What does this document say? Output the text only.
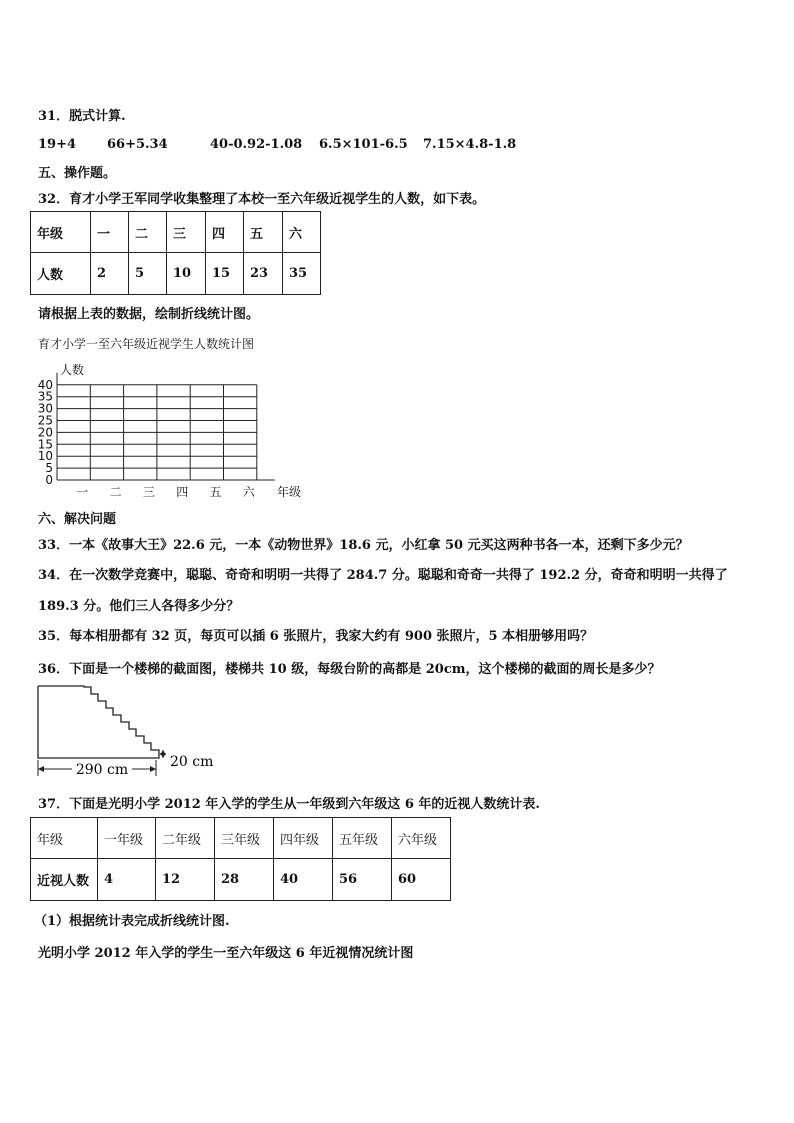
31．脱式计算.
19+4 66+5.34	40-0.92-1.08 6.5×101-6.5 7.15×4.8-1.8
五、操作题。
32．育才小学王军同学收集整理了本校一至六年级近视学生的人数，如下表。
年级	一	二	三	四	五	六
人数	2	5	10	15	23	35
请根据上表的数据，绘制折线统计图。
育才小学一至六年级近视学生人数统计图
0
5
10
15
20
25
30
35
40
一 二 三 四 五 六
人数
年级
六、解决问题
33．一本《故事大王》22.6 元，一本《动物世界》18.6 元，小红拿 50 元买这两种书各一本，还剩下多少元？
34．在一次数学竞赛中，聪聪、奇奇和明明一共得了 284.7 分。聪聪和奇奇一共得了 192.2 分，奇奇和明明一共得了
189.3 分。他们三人各得多少分？
35．每本相册都有 32 页，每页可以插 6 张照片，我家大约有 900 张照片，5 本相册够用吗？
36．下面是一个楼梯的截面图，楼梯共 10 级，每级台阶的高都是 20cm，这个楼梯的截面的周长是多少？
290 cm	20 cm
37．下面是光明小学 2012 年入学的学生从一年级到六年级这 6 年的近视人数统计表.
年级	一年级	二年级	三年级	四年级	五年级	六年级
近视人数	4	12	28	40	56	60
（1）根据统计表完成折线统计图.
光明小学 2012 年入学的学生一至六年级这 6 年近视情况统计图
